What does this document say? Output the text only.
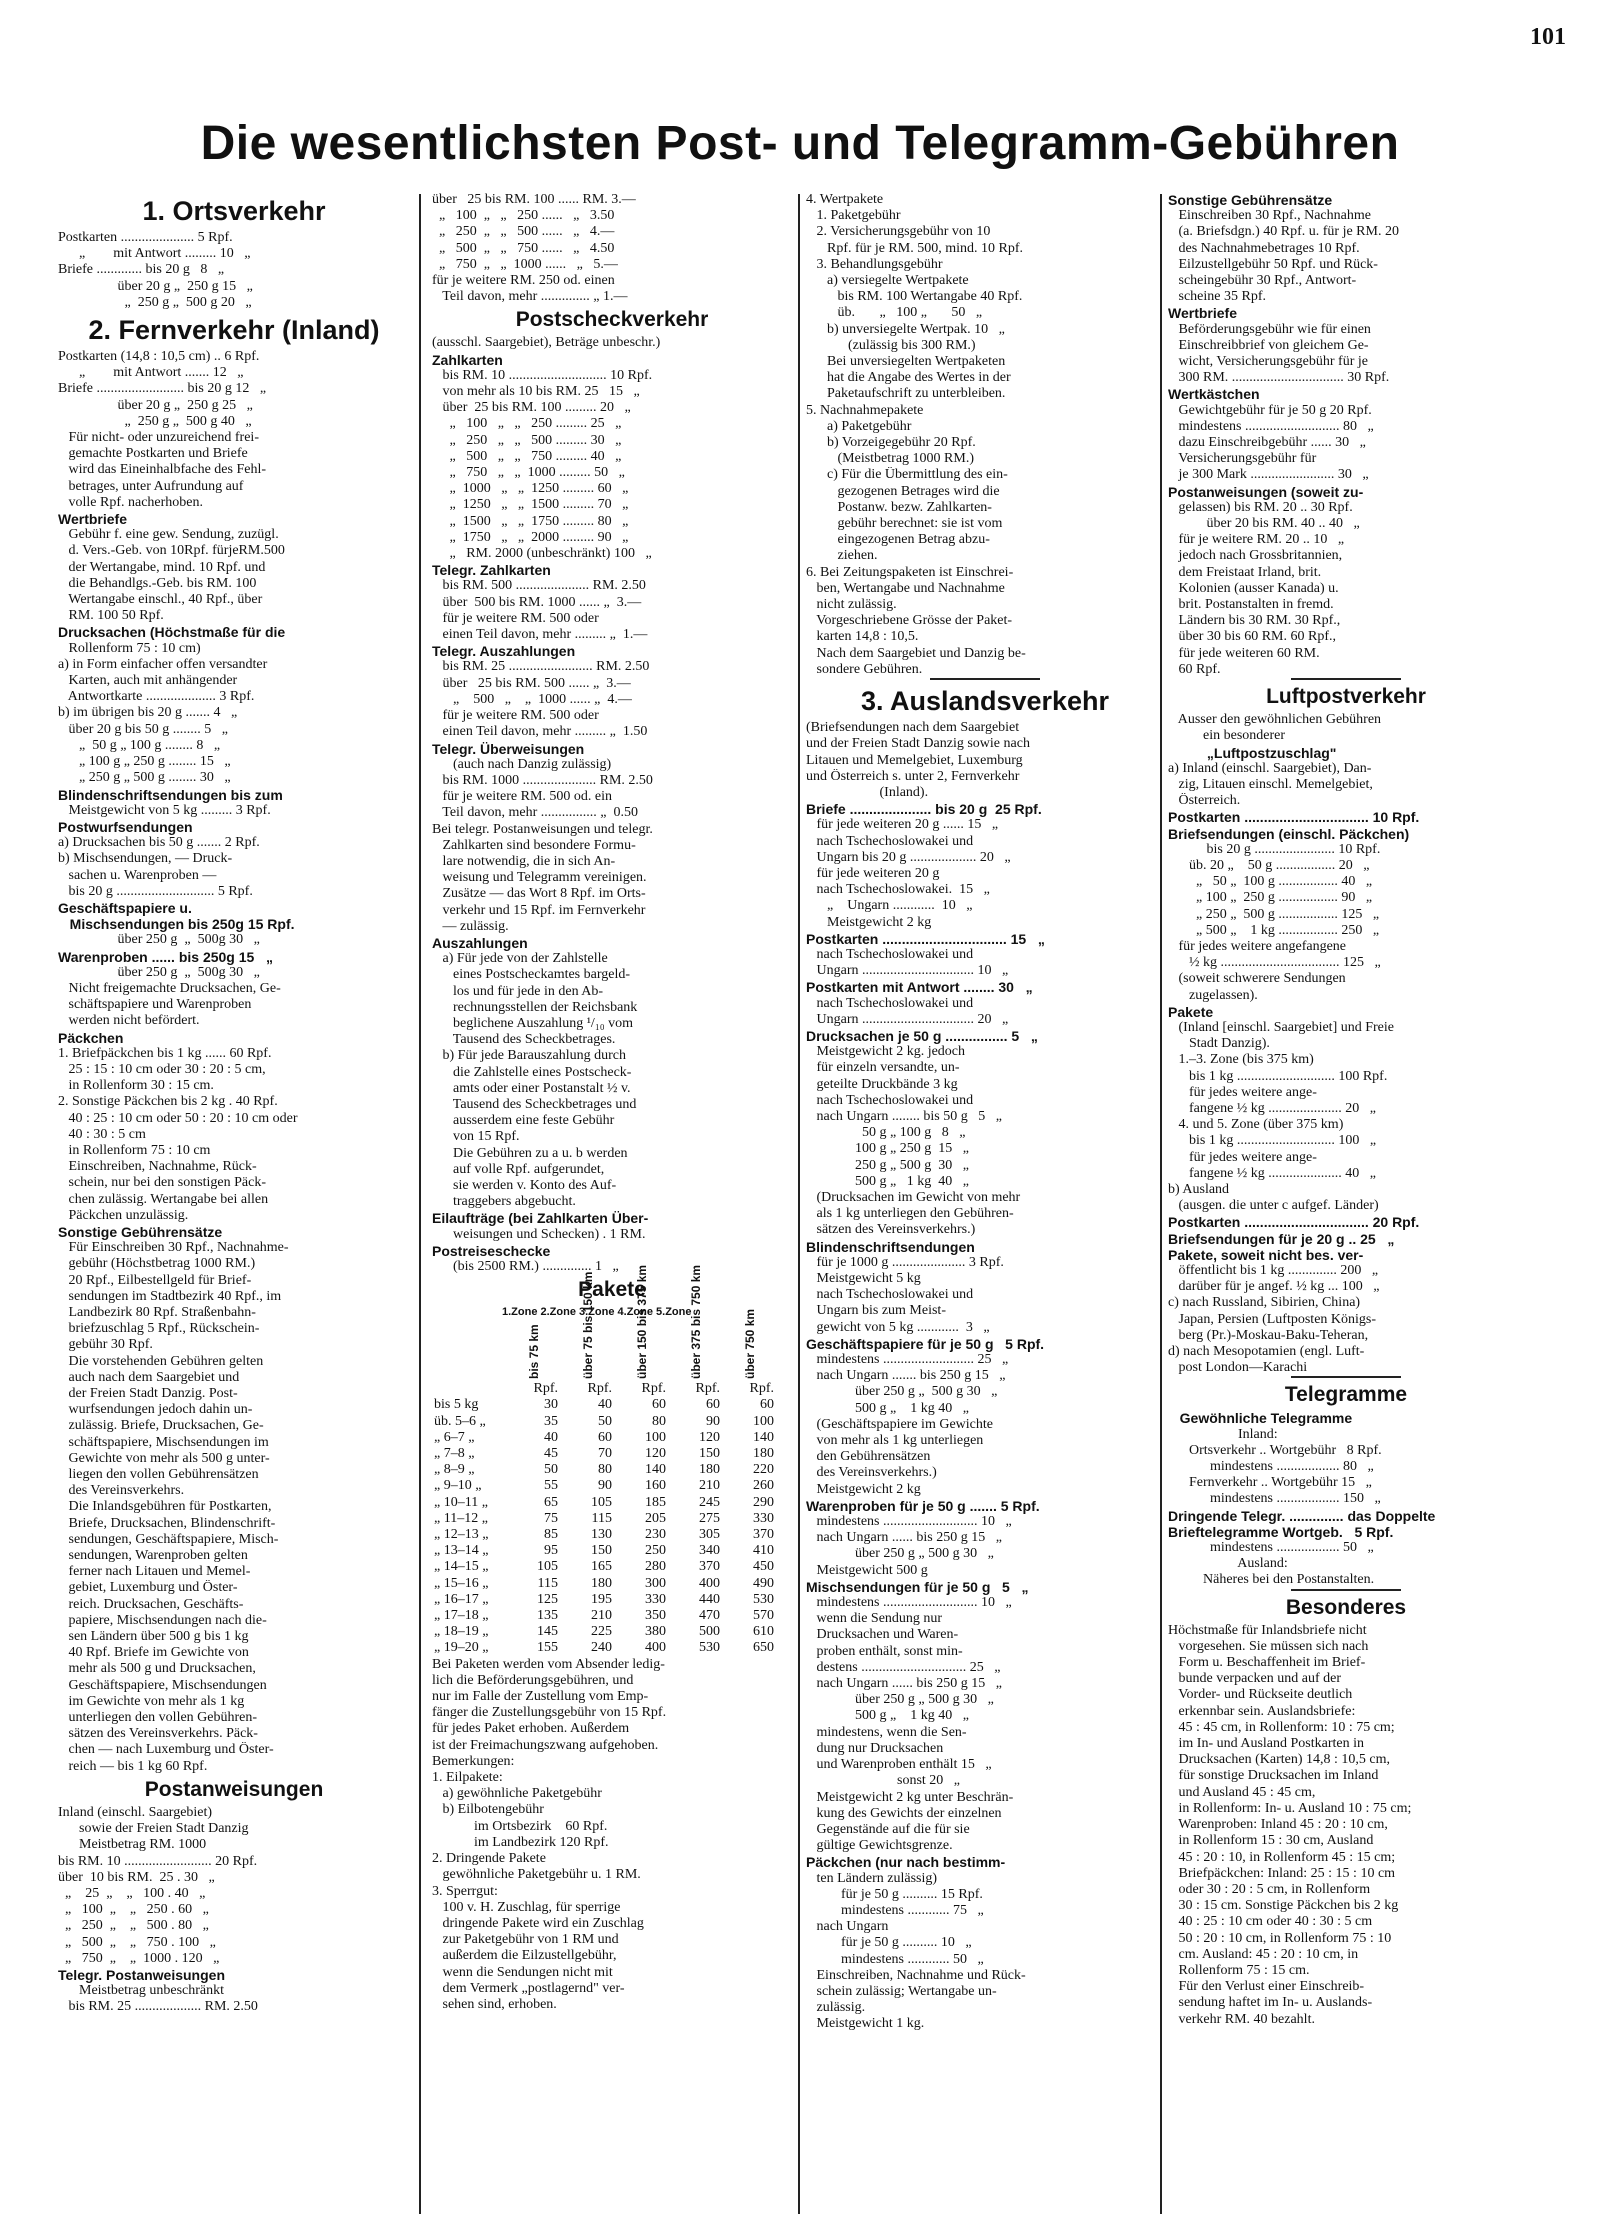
101
Die wesentlichsten Post- und Telegramm-Gebühren
1. Ortsverkehr
Postkarten ..................... 5 Rpf.
„        mit Antwort ......... 10   „
Briefe ............. bis 20 g   8   „
über 20 g „  250 g 15   „
„  250 g „  500 g 20   „
2. Fernverkehr (Inland)
Postkarten (14,8 : 10,5 cm) .. 6 Rpf.
„        mit Antwort ....... 12   „
Briefe ......................... bis 20 g 12   „
über 20 g „  250 g 25   „
„  250 g „  500 g 40   „
Für nicht- oder unzureichend frei-
gemachte Postkarten und Briefe
wird das Eineinhalbfache des Fehl-
betrages, unter Aufrundung auf
volle Rpf. nacherhoben.
Wertbriefe
Gebühr f. eine gew. Sendung, zuzügl.
d. Vers.-Geb. von 10Rpf. fürjeRM.500
der Wertangabe, mind. 10 Rpf. und
die Behandlgs.-Geb. bis RM. 100
Wertangabe einschl., 40 Rpf., über
RM. 100 50 Rpf.
Drucksachen (Höchstmaße für die
Rollenform 75 : 10 cm)
a) in Form einfacher offen versandter
Karten, auch mit anhängender
Antwortkarte .................... 3 Rpf.
b) im übrigen bis 20 g ....... 4   „
über 20 g bis 50 g ........ 5   „
„  50 g „ 100 g ........ 8   „
„ 100 g „ 250 g ........ 15   „
„ 250 g „ 500 g ........ 30   „
Blindenschriftsendungen bis zum
Meistgewicht von 5 kg ......... 3 Rpf.
Postwurfsendungen
a) Drucksachen bis 50 g ....... 2 Rpf.
b) Mischsendungen, — Druck-
sachen u. Warenproben —
bis 20 g ............................ 5 Rpf.
Geschäftspapiere u.
Mischsendungen bis 250g 15 Rpf.
über 250 g  „  500g 30   „
Warenproben ...... bis 250g 15   „
über 250 g  „  500g 30   „
Nicht freigemachte Drucksachen, Ge-
schäftspapiere und Warenproben
werden nicht befördert.
Päckchen
1. Briefpäckchen bis 1 kg ...... 60 Rpf.
25 : 15 : 10 cm oder 30 : 20 : 5 cm,
in Rollenform 30 : 15 cm.
2. Sonstige Päckchen bis 2 kg . 40 Rpf.
40 : 25 : 10 cm oder 50 : 20 : 10 cm oder
40 : 30 : 5 cm
in Rollenform 75 : 10 cm
Einschreiben, Nachnahme, Rück-
schein, nur bei den sonstigen Päck-
chen zulässig. Wertangabe bei allen
Päckchen unzulässig.
Sonstige Gebührensätze
Für Einschreiben 30 Rpf., Nachnahme-
gebühr (Höchstbetrag 1000 RM.)
20 Rpf., Eilbestellgeld für Brief-
sendungen im Stadtbezirk 40 Rpf., im
Landbezirk 80 Rpf. Straßenbahn-
briefzuschlag 5 Rpf., Rückschein-
gebühr 30 Rpf.
Die vorstehenden Gebühren gelten
auch nach dem Saargebiet und
der Freien Stadt Danzig. Post-
wurfsendungen jedoch dahin un-
zulässig. Briefe, Drucksachen, Ge-
schäftspapiere, Mischsendungen im
Gewichte von mehr als 500 g unter-
liegen den vollen Gebührensätzen
des Vereinsverkehrs.
Die Inlandsgebühren für Postkarten,
Briefe, Drucksachen, Blindenschrift-
sendungen, Geschäftspapiere, Misch-
sendungen, Warenproben gelten
ferner nach Litauen und Memel-
gebiet, Luxemburg und Öster-
reich. Drucksachen, Geschäfts-
papiere, Mischsendungen nach die-
sen Ländern über 500 g bis 1 kg
40 Rpf. Briefe im Gewichte von
mehr als 500 g und Drucksachen,
Geschäftspapiere, Mischsendungen
im Gewichte von mehr als 1 kg
unterliegen den vollen Gebühren-
sätzen des Vereinsverkehrs. Päck-
chen — nach Luxemburg und Öster-
reich — bis 1 kg 60 Rpf.
Postanweisungen
Inland (einschl. Saargebiet)
sowie der Freien Stadt Danzig
Meistbetrag RM. 1000
bis RM. 10 ......................... 20 Rpf.
über  10 bis RM.  25 . 30   „
„    25  „    „   100 . 40   „
„   100  „    „   250 . 60   „
„   250  „    „   500 . 80   „
„   500  „    „   750 . 100   „
„   750  „    „  1000 . 120   „
Telegr. Postanweisungen
Meistbetrag unbeschränkt
bis RM. 25 ................... RM. 2.50
über   25 bis RM. 100 ...... RM. 3.—
„   100  „   „   250 ......   „   3.50
„   250  „   „   500 ......   „   4.—
„   500  „   „   750 ......   „   4.50
„   750  „   „  1000 ......   „   5.—
für je weitere RM. 250 od. einen
Teil davon, mehr .............. „ 1.—
Postscheckverkehr
(ausschl. Saargebiet), Beträge unbeschr.)
Zahlkarten
bis RM. 10 ............................ 10 Rpf.
von mehr als 10 bis RM. 25   15   „
über  25 bis RM. 100 ......... 20   „
„   100   „   „   250 ......... 25   „
„   250   „   „   500 ......... 30   „
„   500   „   „   750 ......... 40   „
„   750   „   „  1000 ......... 50   „
„  1000   „   „  1250 ......... 60   „
„  1250   „   „  1500 ......... 70   „
„  1500   „   „  1750 ......... 80   „
„  1750   „   „  2000 ......... 90   „
„   RM. 2000 (unbeschränkt) 100   „
Telegr. Zahlkarten
bis RM. 500 ..................... RM. 2.50
über  500 bis RM. 1000 ...... „  3.—
für je weitere RM. 500 oder
einen Teil davon, mehr ......... „  1.—
Telegr. Auszahlungen
bis RM. 25 ........................ RM. 2.50
über   25 bis RM. 500 ...... „  3.—
„    500   „    „  1000 ...... „  4.—
für je weitere RM. 500 oder
einen Teil davon, mehr ......... „  1.50
Telegr. Überweisungen
(auch nach Danzig zulässig)
bis RM. 1000 ..................... RM. 2.50
für je weitere RM. 500 od. ein
Teil davon, mehr ................ „  0.50
Bei telegr. Postanweisungen und telegr.
Zahlkarten sind besondere Formu-
lare notwendig, die in sich An-
weisung und Telegramm vereinigen.
Zusätze — das Wort 8 Rpf. im Orts-
verkehr und 15 Rpf. im Fernverkehr
— zulässig.
Auszahlungen
a) Für jede von der Zahlstelle
eines Postscheckamtes bargeld-
los und für jede in den Ab-
rechnungsstellen der Reichsbank
beglichene Auszahlung ¹/₁₀ vom
Tausend des Scheckbetrages.
b) Für jede Barauszahlung durch
die Zahlstelle eines Postscheck-
amts oder einer Postanstalt ½ v.
Tausend des Scheckbetrages und
ausserdem eine feste Gebühr
von 15 Rpf.
Die Gebühren zu a u. b werden
auf volle Rpf. aufgerundet,
sie werden v. Konto des Auf-
traggebers abgebucht.
Eilaufträge (bei Zahlkarten Über-
weisungen und Schecken) . 1 RM.
Postreiseschecke
(bis 2500 RM.) .............. 1   „
Pakete
1.Zone 2.Zone 3.Zone 4.Zone 5.Zone

	bis 75 km	über 75 bis 150 km	über 150 bis 375 km	über 375 bis 750 km	über 750 km

	Rpf.	Rpf.	Rpf.	Rpf.	Rpf.
bis 5 kg	30	40	60	60	60
üb. 5–6 „	35	50	80	90	100
„ 6–7 „	40	60	100	120	140
„ 7–8 „	45	70	120	150	180
„ 8–9 „	50	80	140	180	220
„ 9–10 „	55	90	160	210	260
„ 10–11 „	65	105	185	245	290
„ 11–12 „	75	115	205	275	330
„ 12–13 „	85	130	230	305	370
„ 13–14 „	95	150	250	340	410
„ 14–15 „	105	165	280	370	450
„ 15–16 „	115	180	300	400	490
„ 16–17 „	125	195	330	440	530
„ 17–18 „	135	210	350	470	570
„ 18–19 „	145	225	380	500	610
„ 19–20 „	155	240	400	530	650
Bei Paketen werden vom Absender ledig-
lich die Beförderungsgebühren, und
nur im Falle der Zustellung vom Emp-
fänger die Zustellungsgebühr von 15 Rpf.
für jedes Paket erhoben. Außerdem
ist der Freimachungszwang aufgehoben.
Bemerkungen:
1. Eilpakete:
a) gewöhnliche Paketgebühr
b) Eilbotengebühr
im Ortsbezirk    60 Rpf.
im Landbezirk 120 Rpf.
2. Dringende Pakete
gewöhnliche Paketgebühr u. 1 RM.
3. Sperrgut:
100 v. H. Zuschlag, für sperrige
dringende Pakete wird ein Zuschlag
zur Paketgebühr von 1 RM und
außerdem die Eilzustellgebühr,
wenn die Sendungen nicht mit
dem Vermerk „postlagernd" ver-
sehen sind, erhoben.
4. Wertpakete
1. Paketgebühr
2. Versicherungsgebühr von 10
Rpf. für je RM. 500, mind. 10 Rpf.
3. Behandlungsgebühr
a) versiegelte Wertpakete
bis RM. 100 Wertangabe 40 Rpf.
üb.       „   100 „       50   „
b) unversiegelte Wertpak. 10   „
(zulässig bis 300 RM.)
Bei unversiegelten Wertpaketen
hat die Angabe des Wertes in der
Paketaufschrift zu unterbleiben.
5. Nachnahmepakete
a) Paketgebühr
b) Vorzeigegebühr 20 Rpf.
(Meistbetrag 1000 RM.)
c) Für die Übermittlung des ein-
gezogenen Betrages wird die
Postanw. bezw. Zahlkarten-
gebühr berechnet: sie ist vom
eingezogenen Betrag abzu-
ziehen.
6. Bei Zeitungspaketen ist Einschrei-
ben, Wertangabe und Nachnahme
nicht zulässig.
Vorgeschriebene Grösse der Paket-
karten 14,8 : 10,5.
Nach dem Saargebiet und Danzig be-
sondere Gebühren.
3. Auslandsverkehr
(Briefsendungen nach dem Saargebiet
und der Freien Stadt Danzig sowie nach
Litauen und Memelgebiet, Luxemburg
und Österreich s. unter 2, Fernverkehr
(Inland).
Briefe ..................... bis 20 g  25 Rpf.
für jede weiteren 20 g ...... 15   „
nach Tschechoslowakei und
Ungarn bis 20 g ................... 20   „
für jede weiteren 20 g
nach Tschechoslowakei.  15   „
„    Ungarn ............  10   „
Meistgewicht 2 kg
Postkarten ................................ 15   „
nach Tschechoslowakei und
Ungarn ................................ 10   „
Postkarten mit Antwort ........ 30   „
nach Tschechoslowakei und
Ungarn ................................ 20   „
Drucksachen je 50 g ................ 5   „
Meistgewicht 2 kg. jedoch
für einzeln versandte, un-
geteilte Druckbände 3 kg
nach Tschechoslowakei und
nach Ungarn ........ bis 50 g   5   „
50 g „ 100 g   8   „
100 g „ 250 g  15   „
250 g „ 500 g  30   „
500 g „   1 kg  40   „
(Drucksachen im Gewicht von mehr
als 1 kg unterliegen den Gebühren-
sätzen des Vereinsverkehrs.)
Blindenschriftsendungen
für je 1000 g ..................... 3 Rpf.
Meistgewicht 5 kg
nach Tschechoslowakei und
Ungarn bis zum Meist-
gewicht von 5 kg ............  3   „
Geschäftspapiere für je 50 g   5 Rpf.
mindestens .......................... 25   „
nach Ungarn ....... bis 250 g 15   „
über 250 g „  500 g 30   „
500 g „    1 kg 40   „
(Geschäftspapiere im Gewichte
von mehr als 1 kg unterliegen
den Gebührensätzen
des Vereinsverkehrs.)
Meistgewicht 2 kg
Warenproben für je 50 g ....... 5 Rpf.
mindestens ........................... 10   „
nach Ungarn ...... bis 250 g 15   „
über 250 g „ 500 g 30   „
Meistgewicht 500 g
Mischsendungen für je 50 g   5   „
mindestens ........................... 10   „
wenn die Sendung nur
Drucksachen und Waren-
proben enthält, sonst min-
destens .............................. 25   „
nach Ungarn ...... bis 250 g 15   „
über 250 g „ 500 g 30   „
500 g „    1 kg 40   „
mindestens, wenn die Sen-
dung nur Drucksachen
und Warenproben enthält 15   „
sonst 20   „
Meistgewicht 2 kg unter Beschrän-
kung des Gewichts der einzelnen
Gegenstände auf die für sie
gültige Gewichtsgrenze.
Päckchen (nur nach bestimm-
ten Ländern zulässig)
für je 50 g .......... 15 Rpf.
mindestens ............ 75   „
nach Ungarn
für je 50 g .......... 10   „
mindestens ............ 50   „
Einschreiben, Nachnahme und Rück-
schein zulässig; Wertangabe un-
zulässig.
Meistgewicht 1 kg.
Sonstige Gebührensätze
Einschreiben 30 Rpf., Nachnahme
(a. Briefsdgn.) 40 Rpf. u. für je RM. 20
des Nachnahmebetrages 10 Rpf.
Eilzustellgebühr 50 Rpf. und Rück-
scheingebühr 30 Rpf., Antwort-
scheine 35 Rpf.
Wertbriefe
Beförderungsgebühr wie für einen
Einschreibbrief von gleichem Ge-
wicht, Versicherungsgebühr für je
300 RM. ................................ 30 Rpf.
Wertkästchen
Gewichtgebühr für je 50 g 20 Rpf.
mindestens ........................... 80   „
dazu Einschreibgebühr ...... 30   „
Versicherungsgebühr für
je 300 Mark ........................ 30   „
Postanweisungen (soweit zu-
gelassen) bis RM. 20 .. 30 Rpf.
über 20 bis RM. 40 .. 40   „
für je weitere RM. 20 .. 10   „
jedoch nach Grossbritannien,
dem Freistaat Irland, brit.
Kolonien (ausser Kanada) u.
brit. Postanstalten in fremd.
Ländern bis 30 RM. 30 Rpf.,
über 30 bis 60 RM. 60 Rpf.,
für jede weiteren 60 RM.
60 Rpf.
Luftpostverkehr
Ausser den gewöhnlichen Gebühren
ein besonderer
„Luftpostzuschlag"
a) Inland (einschl. Saargebiet), Dan-
zig, Litauen einschl. Memelgebiet,
Österreich.
Postkarten ................................ 10 Rpf.
Briefsendungen (einschl. Päckchen)
bis 20 g ....................... 10 Rpf.
üb. 20 „    50 g ................. 20   „
„   50 „  100 g ................. 40   „
„ 100 „  250 g ................. 90   „
„ 250 „  500 g ................. 125   „
„ 500 „    1 kg ................. 250   „
für jedes weitere angefangene
½ kg .................................. 125   „
(soweit schwerere Sendungen
zugelassen).
Pakete
(Inland [einschl. Saargebiet] und Freie
Stadt Danzig).
1.–3. Zone (bis 375 km)
bis 1 kg ............................ 100 Rpf.
für jedes weitere ange-
fangene ½ kg ..................... 20   „
4. und 5. Zone (über 375 km)
bis 1 kg ............................ 100   „
für jedes weitere ange-
fangene ½ kg ..................... 40   „
b) Ausland
(ausgen. die unter c aufgef. Länder)
Postkarten ................................ 20 Rpf.
Briefsendungen für je 20 g .. 25   „
Pakete, soweit nicht bes. ver-
öffentlicht bis 1 kg .............. 200   „
darüber für je angef. ½ kg ... 100   „
c) nach Russland, Sibirien, China)
Japan, Persien (Luftposten Königs-
berg (Pr.)-Moskau-Baku-Teheran,
d) nach Mesopotamien (engl. Luft-
post London—Karachi
Telegramme
Gewöhnliche Telegramme
Inland:
Ortsverkehr .. Wortgebühr   8 Rpf.
mindestens .................. 80   „
Fernverkehr .. Wortgebühr 15   „
mindestens .................. 150   „
Dringende Telegr. .............. das Doppelte
Brieftelegramme Wortgeb.   5 Rpf.
mindestens .................. 50   „
Ausland:
Näheres bei den Postanstalten.
Besonderes
Höchstmaße für Inlandsbriefe nicht
vorgesehen. Sie müssen sich nach
Form u. Beschaffenheit im Brief-
bunde verpacken und auf der
Vorder- und Rückseite deutlich
erkennbar sein. Auslandsbriefe:
45 : 45 cm, in Rollenform: 10 : 75 cm;
im In- und Ausland Postkarten in
Drucksachen (Karten) 14,8 : 10,5 cm,
für sonstige Drucksachen im Inland
und Ausland 45 : 45 cm,
in Rollenform: In- u. Ausland 10 : 75 cm;
Warenproben: Inland 45 : 20 : 10 cm,
in Rollenform 15 : 30 cm, Ausland
45 : 20 : 10, in Rollenform 45 : 15 cm;
Briefpäckchen: Inland: 25 : 15 : 10 cm
oder 30 : 20 : 5 cm, in Rollenform
30 : 15 cm. Sonstige Päckchen bis 2 kg
40 : 25 : 10 cm oder 40 : 30 : 5 cm
50 : 20 : 10 cm, in Rollenform 75 : 10
cm. Ausland: 45 : 20 : 10 cm, in
Rollenform 75 : 15 cm.
Für den Verlust einer Einschreib-
sendung haftet im In- u. Auslands-
verkehr RM. 40 bezahlt.
